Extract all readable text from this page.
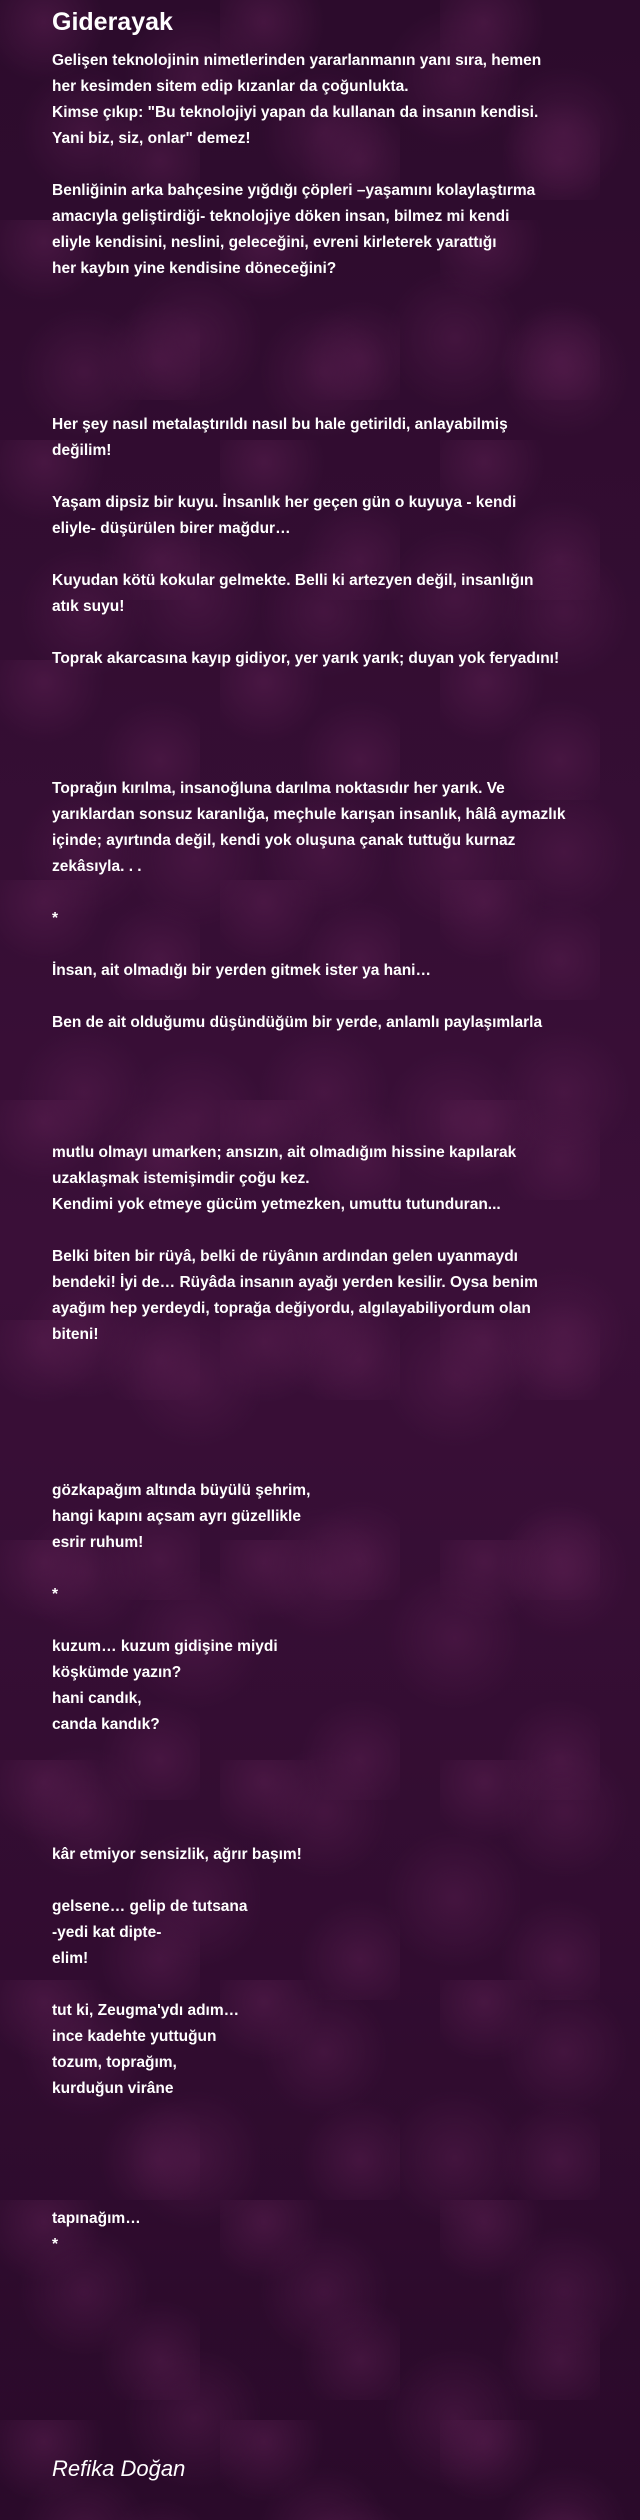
Giderayak

Gelişen teknolojinin nimetlerinden yararlanmanın yanı sıra, hemen
her kesimden sitem edip kızanlar da çoğunlukta.
Kimse çıkıp: "Bu teknolojiyi yapan da kullanan da insanın kendisi.
Yani biz, siz, onlar" demez!

Benliğinin arka bahçesine yığdığı çöpleri –yaşamını kolaylaştırma
amacıyla geliştirdiği- teknolojiye döken insan, bilmez mi kendi
eliyle kendisini, neslini, geleceğini, evreni kirleterek yarattığı
her kaybın yine kendisine döneceğini?

Her şey nasıl metalaştırıldı nasıl bu hale getirildi, anlayabilmiş
değilim!

Yaşam dipsiz bir kuyu. İnsanlık her geçen gün o kuyuya - kendi
eliyle- düşürülen birer mağdur…

Kuyudan kötü kokular gelmekte. Belli ki artezyen değil, insanlığın
atık suyu!

Toprak akarcasına kayıp gidiyor, yer yarık yarık; duyan yok feryadını!

Toprağın kırılma, insanoğluna darılma noktasıdır her yarık. Ve
yarıklardan sonsuz karanlığa, meçhule karışan insanlık, hâlâ aymazlık
içinde; ayırtında değil, kendi yok oluşuna çanak tuttuğu kurnaz
zekâsıyla. . .

*

İnsan, ait olmadığı bir yerden gitmek ister ya hani…

Ben de ait olduğumu düşündüğüm bir yerde, anlamlı paylaşımlarla

mutlu olmayı umarken; ansızın, ait olmadığım hissine kapılarak
uzaklaşmak istemişimdir çoğu kez.
Kendimi yok etmeye gücüm yetmezken, umuttu tutunduran...

Belki biten bir rüyâ, belki de rüyânın ardından gelen uyanmaydı
bendeki! İyi de… Rüyâda insanın ayağı yerden kesilir. Oysa benim
ayağım hep yerdeydi, toprağa değiyordu, algılayabiliyordum olan
biteni!

gözkapağım altında büyülü şehrim,
hangi kapını açsam ayrı güzellikle
esrir ruhum!

*

kuzum… kuzum gidişine miydi
köşkümde yazın?
hani candık,
canda kandık?

kâr etmiyor sensizlik, ağrır başım!

gelsene… gelip de tutsana
-yedi kat dipte-
elim!

tut ki, Zeugma'ydı adım…
ince kadehte yuttuğun
tozum, toprağım,
kurduğun virâne

tapınağım…
*

Refika Doğan
